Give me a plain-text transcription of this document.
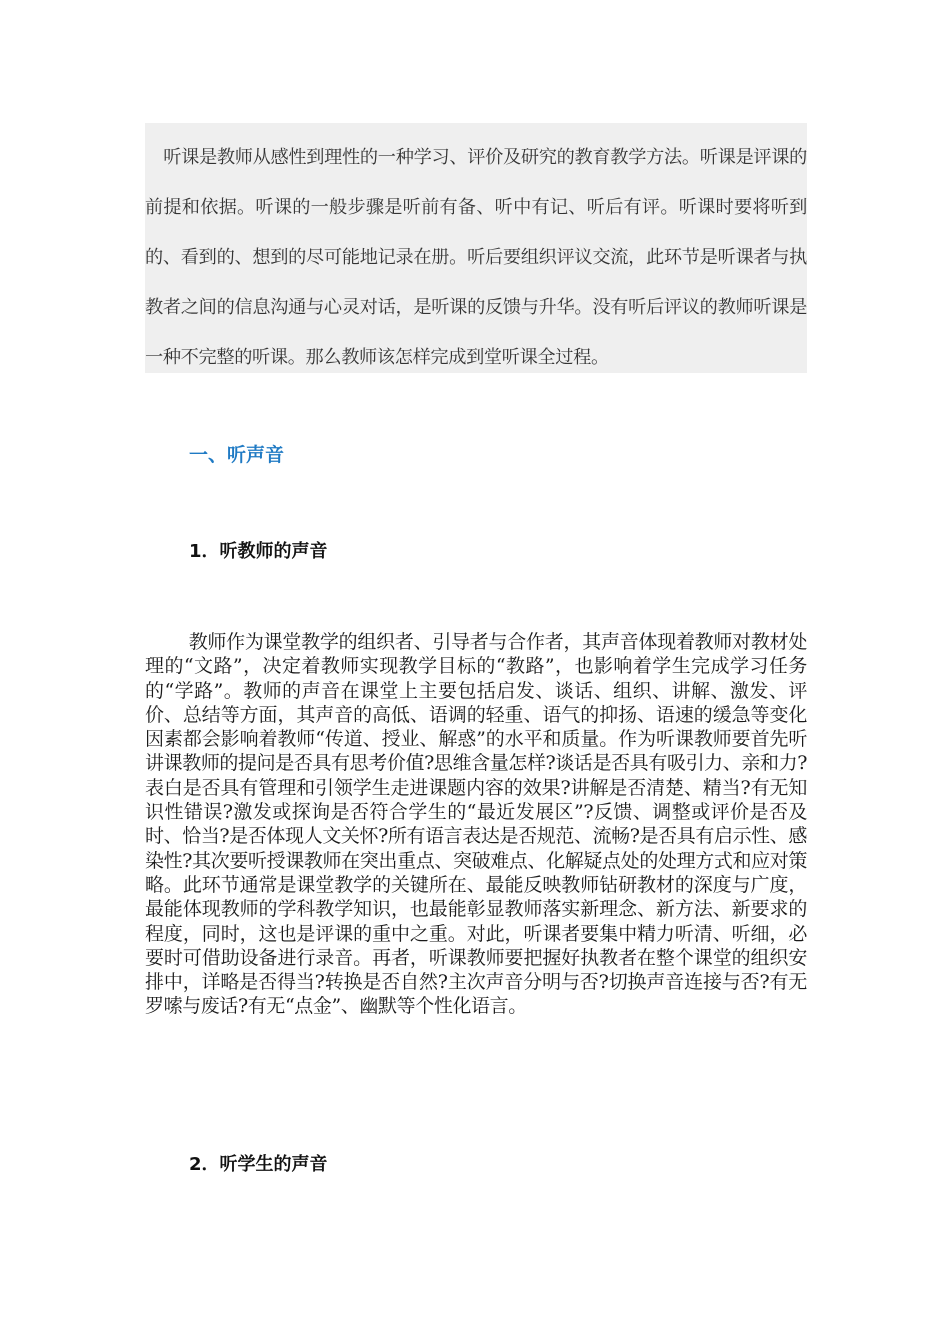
听课是教师从感性到理性的一种学习、评价及研究的教育教学方法。听课是评课的前提和依据。听课的一般步骤是听前有备、听中有记、听后有评。听课时要将听到的、看到的、想到的尽可能地记录在册。听后要组织评议交流，此环节是听课者与执教者之间的信息沟通与心灵对话，是听课的反馈与升华。没有听后评议的教师听课是一种不完整的听课。那么教师该怎样完成到堂听课全过程。

一、听声音
1．听教师的声音

教师作为课堂教学的组织者、引导者与合作者，其声音体现着教师对教材处理的“文路”，决定着教师实现教学目标的“教路”，也影响着学生完成学习任务的“学路”。教师的声音在课堂上主要包括启发、谈话、组织、讲解、激发、评价、总结等方面，其声音的高低、语调的轻重、语气的抑扬、语速的缓急等变化因素都会影响着教师“传道、授业、解惑”的水平和质量。作为听课教师要首先听讲课教师的提问是否具有思考价值?思维含量怎样?谈话是否具有吸引力、亲和力?表白是否具有管理和引领学生走进课题内容的效果?讲解是否清楚、精当?有无知识性错误?激发或探询是否符合学生的“最近发展区”?反馈、调整或评价是否及时、恰当?是否体现人文关怀?所有语言表达是否规范、流畅?是否具有启示性、感染性?其次要听授课教师在突出重点、突破难点、化解疑点处的处理方式和应对策略。此环节通常是课堂教学的关键所在、最能反映教师钻研教材的深度与广度，最能体现教师的学科教学知识，也最能彰显教师落实新理念、新方法、新要求的程度，同时，这也是评课的重中之重。对此，听课者要集中精力听清、听细，必要时可借助设备进行录音。再者，听课教师要把握好执教者在整个课堂的组织安排中，详略是否得当?转换是否自然?主次声音分明与否?切换声音连接与否?有无罗嗦与废话?有无“点金”、幽默等个性化语言。

2．听学生的声音
